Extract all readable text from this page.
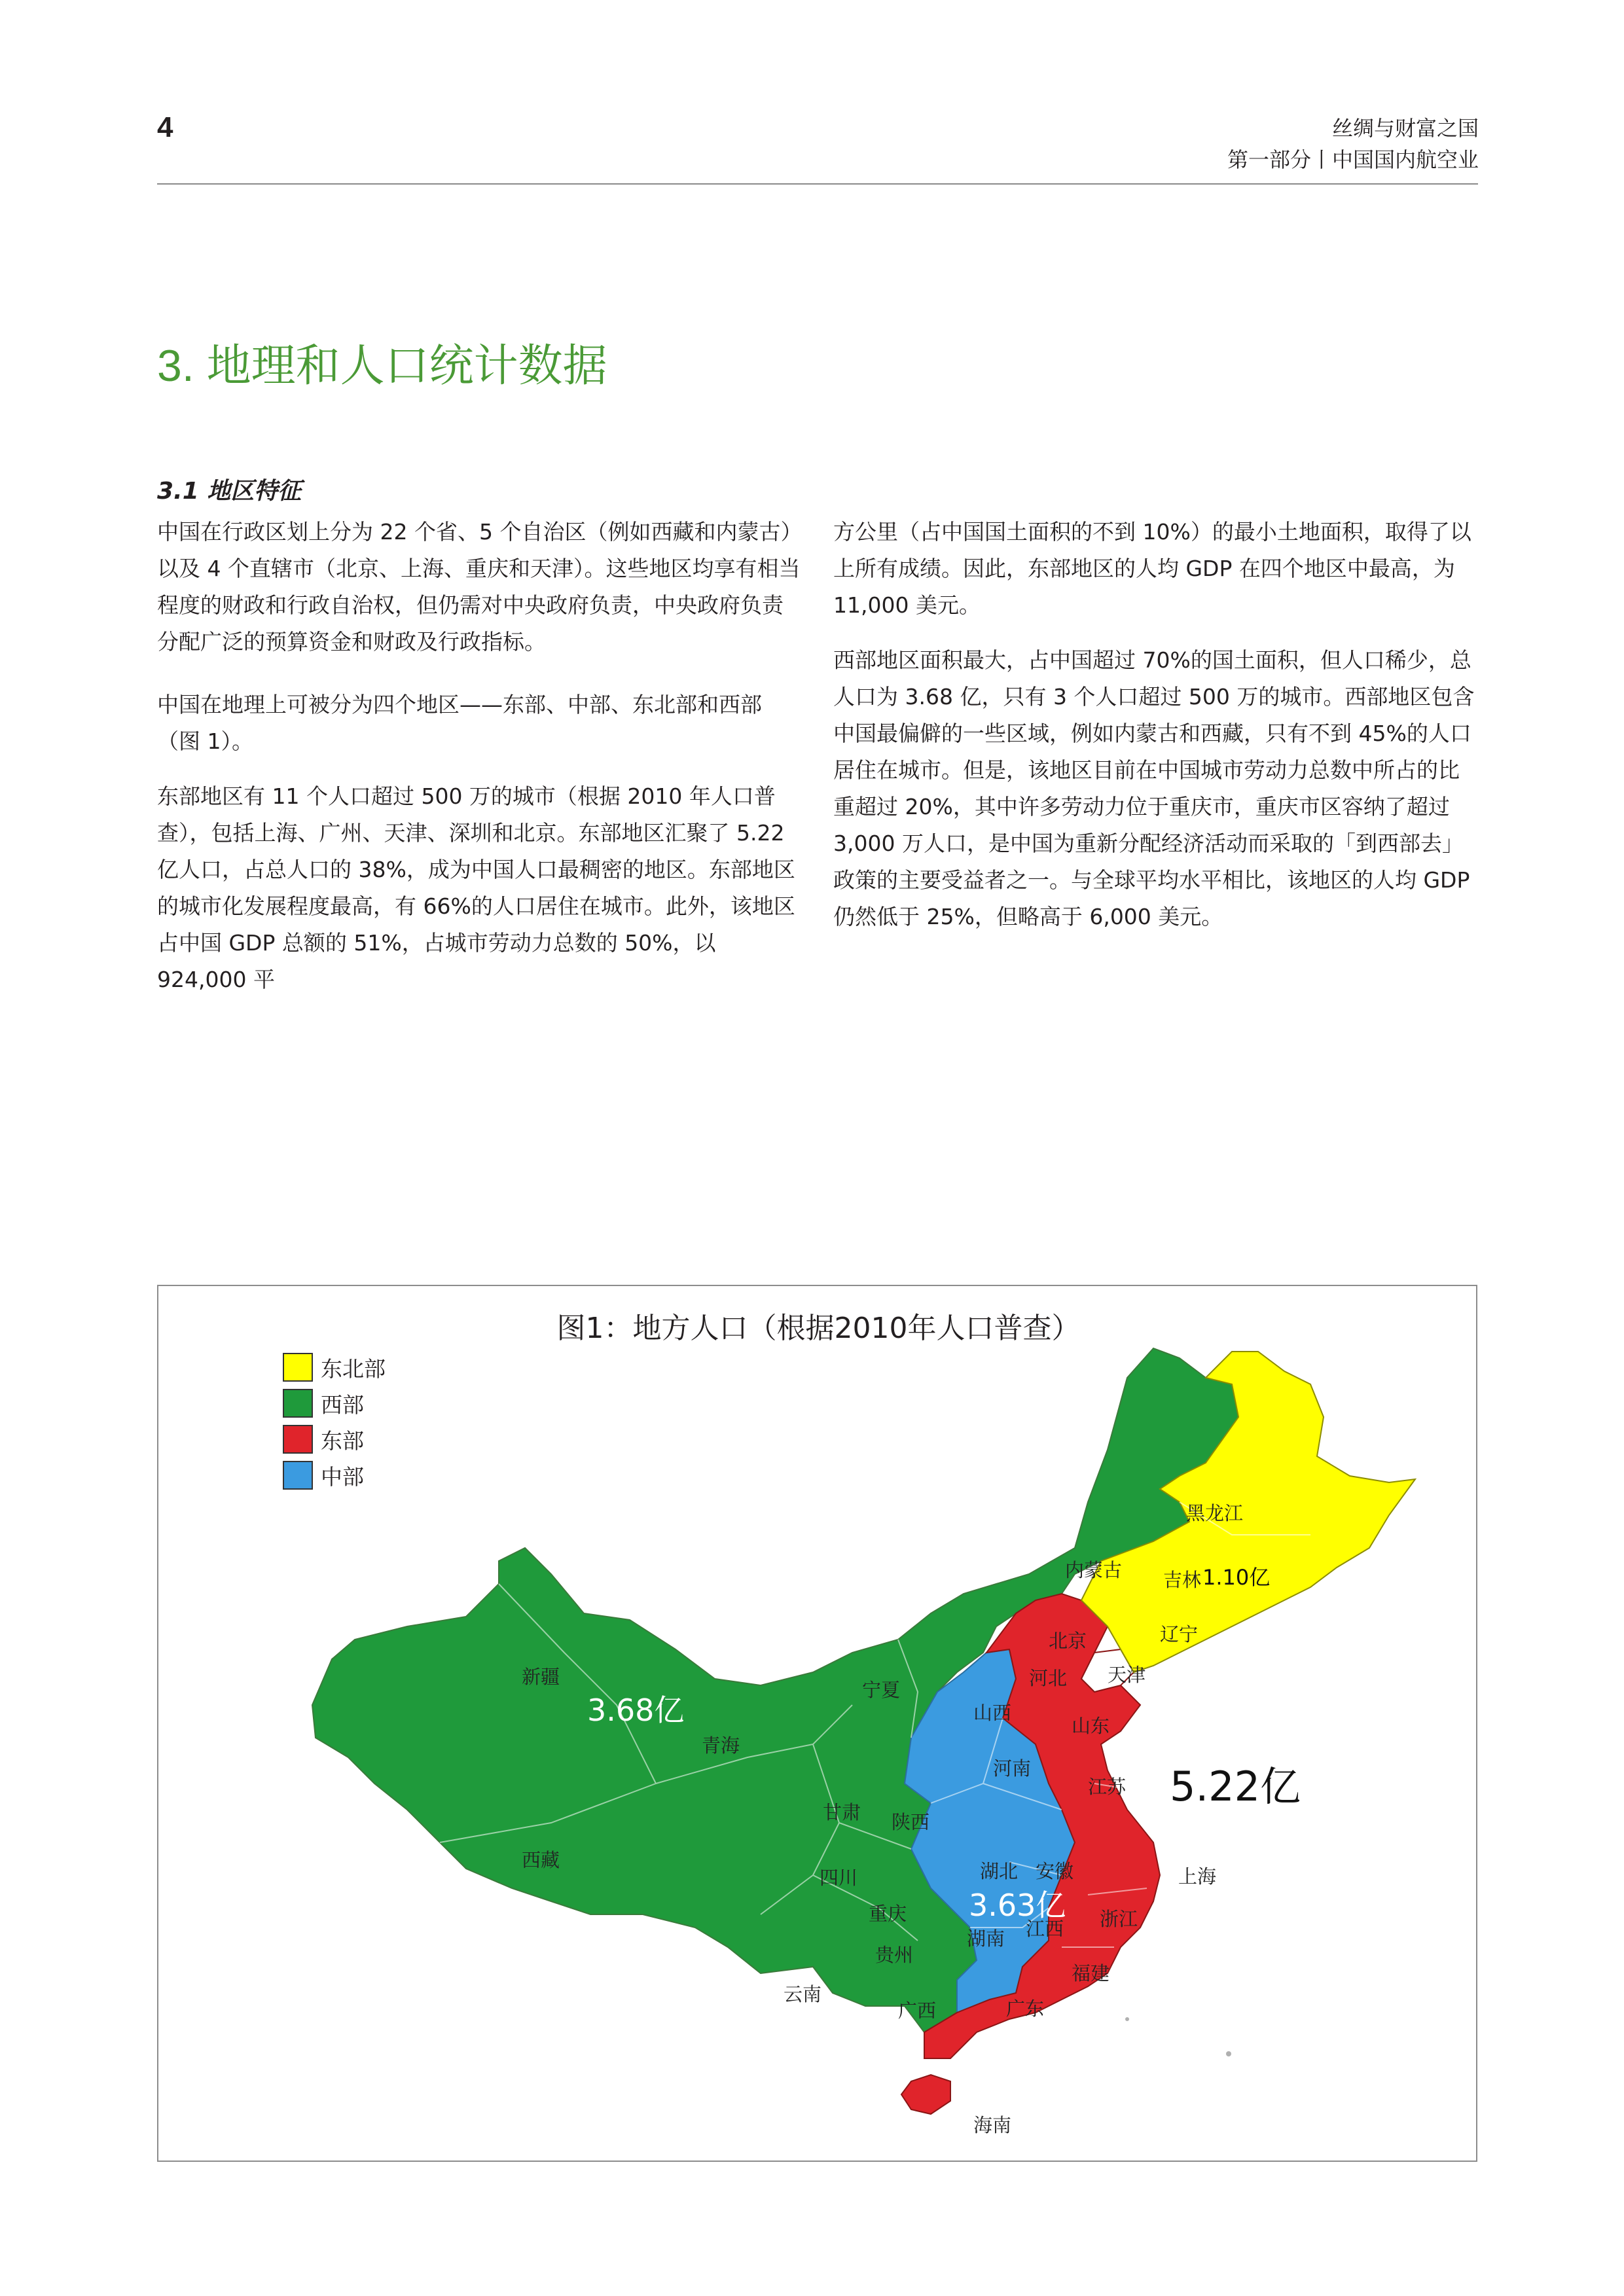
4	丝绸与财富之国
第一部分丨中国国内航空业
3. 地理和人口统计数据
3.1 地区特征

中国在行政区划上分为 22 个省、5 个自治区（例如西藏和内蒙古）以及 4 个直辖市（北京、上海、重庆和天津）。这些地区均享有相当程度的财政和行政自治权，但仍需对中央政府负责，中央政府负责分配广泛的预算资金和财政及行政指标。

中国在地理上可被分为四个地区——东部、中部、东北部和西部（图 1）。

东部地区有 11 个人口超过 500 万的城市（根据 2010 年人口普查），包括上海、广州、天津、深圳和北京。东部地区汇聚了 5.22 亿人口，占总人口的 38%，成为中国人口最稠密的地区。东部地区的城市化发展程度最高，有 66%的人口居住在城市。此外，该地区占中国 GDP 总额的 51%，占城市劳动力总数的 50%，以 924,000 平

方公里（占中国国土面积的不到 10%）的最小土地面积，取得了以上所有成绩。因此，东部地区的人均 GDP 在四个地区中最高，为 11,000 美元。

西部地区面积最大，占中国超过 70%的国土面积，但人口稀少，总人口为 3.68 亿，只有 3 个人口超过 500 万的城市。西部地区包含中国最偏僻的一些区域，例如内蒙古和西藏，只有不到 45%的人口居住在城市。但是，该地区目前在中国城市劳动力总数中所占的比重超过 20%，其中许多劳动力位于重庆市，重庆市区容纳了超过 3,000 万人口，是中国为重新分配经济活动而采取的「到西部去」政策的主要受益者之一。与全球平均水平相比，该地区的人均 GDP 仍然低于 25%，但略高于 6,000 美元。

图1：地方人口（根据2010年人口普查）
东北部
西部
东部
中部
黑龙江
吉林
辽宁
内蒙古
新疆
西藏
青海
宁夏
甘肃 陕西
四川
重庆
贵州
云南
广西
北京
天津
河北
山东
江苏
上海
浙江
福建
广东
海南
山西
河南
湖北 安徽
湖南 江西
1.10亿
3.68亿
5.22亿
3.63亿
